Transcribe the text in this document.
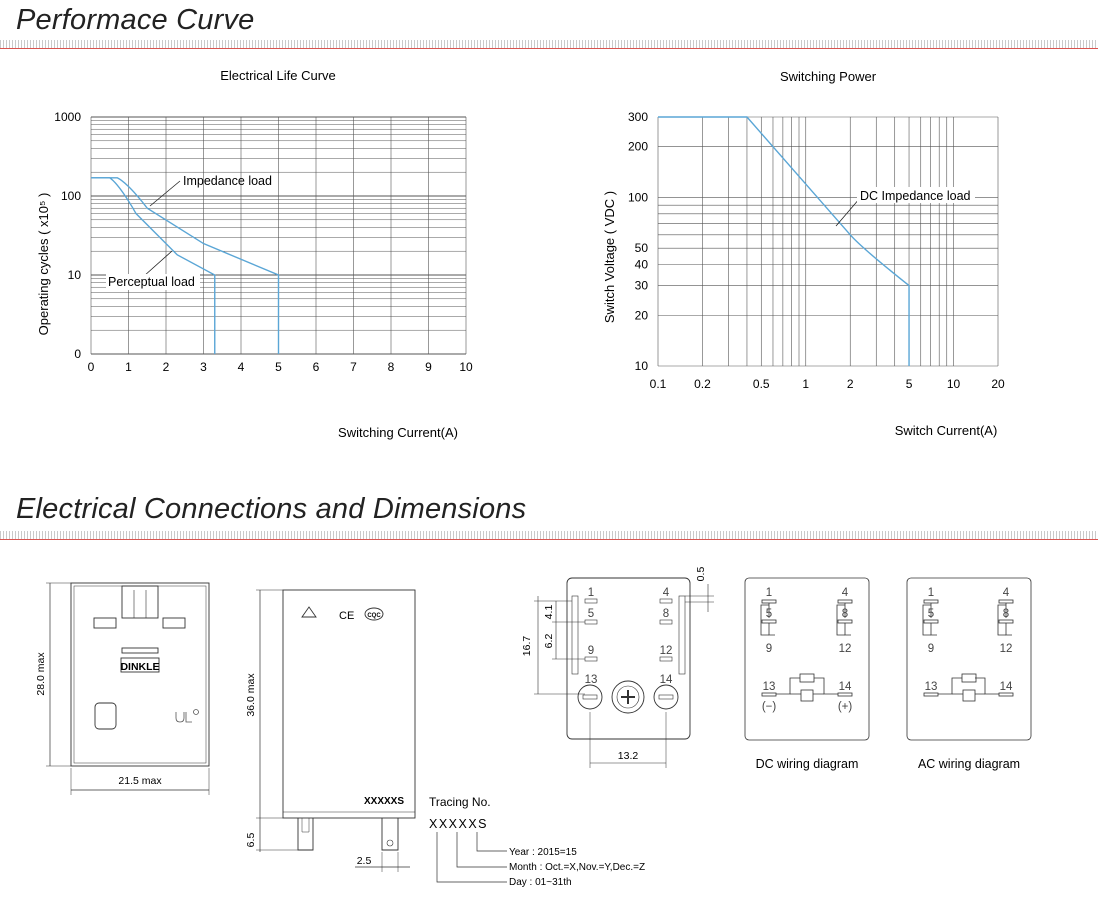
Performace Curve
Electrical Connections and Dimensions
Electrical Life Curve
0	1	2	3	4	5	6	7	8	9 10
0
10
100
1000
Switching Current(A)
Operating cycles ( x10⁵ )
Impedance load
Perceptual load
Switching Power
0.1 0.2	0.5	1	2	5	10	20
10
20
30
40
50
100
200
300
Switch Current(A)
Switch Voltage ( VDC )	DC Impedance load
DINKLE
28.0 max
21.5 max
36.0 max
6.5
2.5
XXXXXS
CE CQC
Tracing No.
XXXXXS
Year : 2015=15
Month : Oct.=X,Nov.=Y,Dec.=Z
Day : 01~31th
1	4
5	8
9	12
13	14
16.7
4.1
6.2
13.2
0.5
1	4
5	8
9	12
13	14
(−)	(+)
DC wiring diagram
1	4
5	8
9	12
13	14
AC wiring diagram
